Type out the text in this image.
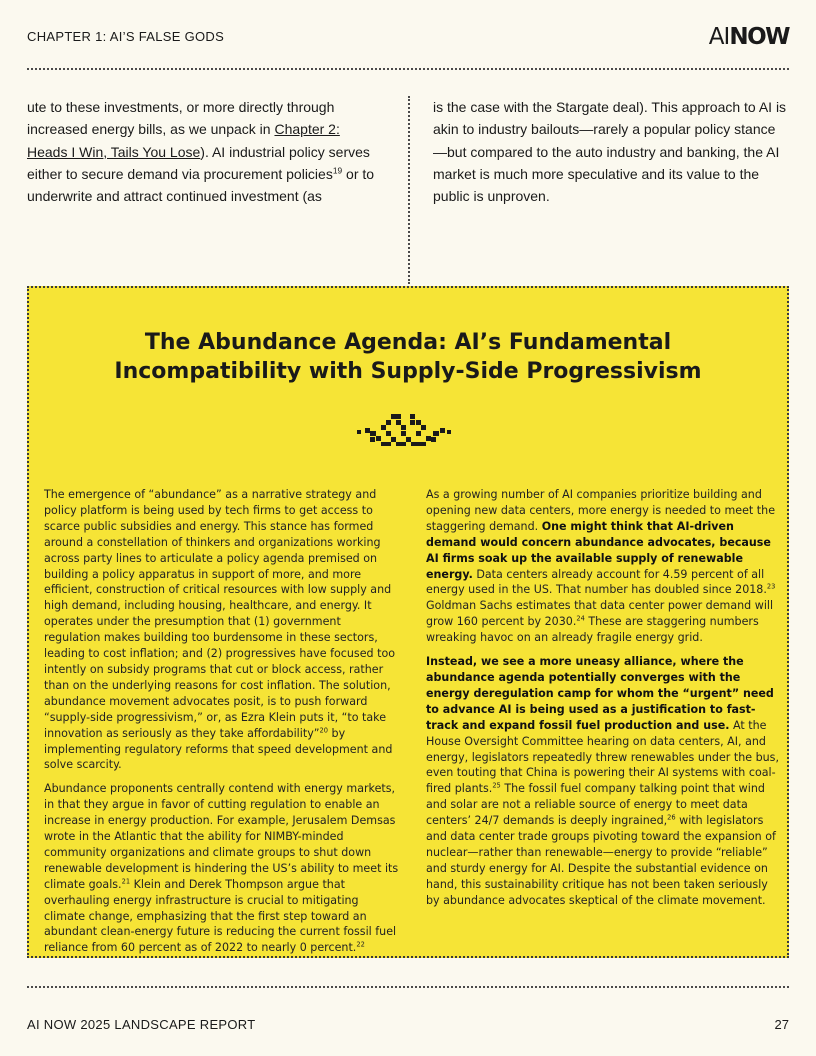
CHAPTER 1: AI’S FALSE GODS	AINOW
ute to these investments, or more directly through increased energy bills, as we unpack in Chapter 2: Heads I Win, Tails You Lose). AI industrial policy serves either to secure demand via procurement policies$^{19}$ or to underwrite and attract continued investment (as
is the case with the Stargate deal). This approach to AI is akin to industry bailouts—rarely a popular policy stance—but compared to the auto industry and banking, the AI market is much more speculative and its value to the public is unproven.
The Abundance Agenda: AI’s Fundamental
Incompatibility with Supply-Side Progressivism

The emergence of “abundance” as a narrative strategy and policy platform is being used by tech firms to get access to scarce public subsidies and energy. This stance has formed around a constellation of thinkers and organizations working across party lines to articulate a policy agenda premised on building a policy apparatus in support of more, and more efficient, construction of critical resources with low supply and high demand, including housing, healthcare, and energy. It operates under the presumption that (1) government regulation makes building too burdensome in these sectors, leading to cost inflation; and (2) progressives have focused too intently on subsidy programs that cut or block access, rather than on the underlying reasons for cost inflation. The solution, abundance movement advocates posit, is to push forward “supply-side progressivism,” or, as Ezra Klein puts it, “to take innovation as seriously as they take affordability”$^{20}$ by implementing regulatory reforms that speed development and solve scarcity.

Abundance proponents centrally contend with energy markets, in that they argue in favor of cutting regulation to enable an increase in energy production. For example, Jerusalem Demsas wrote in the Atlantic that the ability for NIMBY-minded community organizations and climate groups to shut down renewable development is hindering the US’s ability to meet its climate goals.$^{21}$ Klein and Derek Thompson argue that overhauling energy infrastructure is crucial to mitigating climate change, emphasizing that the first step toward an abundant clean-energy future is reducing the current fossil fuel reliance from 60 percent as of 2022 to nearly 0 percent.$^{22}$

As a growing number of AI companies prioritize building and opening new data centers, more energy is needed to meet the staggering demand. One might think that AI-driven demand would concern abundance advocates, because AI firms soak up the available supply of renewable energy. Data centers already account for 4.59 percent of all energy used in the US. That number has doubled since 2018.23 Goldman Sachs estimates that data center power demand will grow 160 percent by 2030.24 These are staggering numbers wreaking havoc on an already fragile energy grid.

Instead, we see a more uneasy alliance, where the abundance agenda potentially converges with the energy deregulation camp for whom the “urgent” need to advance AI is being used as a justification to fast-track and expand fossil fuel production and use. At the House Oversight Committee hearing on data centers, AI, and energy, legislators repeatedly threw renewables under the bus, even touting that China is powering their AI systems with coal-fired plants.$^{25}$ The fossil fuel company talking point that wind and solar are not a reliable source of energy to meet data centers’ 24/7 demands is deeply ingrained,$^{26}$ with legislators and data center trade groups pivoting toward the expansion of nuclear—rather than renewable—energy to provide “reliable” and sturdy energy for AI. Despite the substantial evidence on hand, this sustainability critique has not been taken seriously by abundance advocates skeptical of the climate movement.

AI NOW 2025 LANDSCAPE REPORT	27
